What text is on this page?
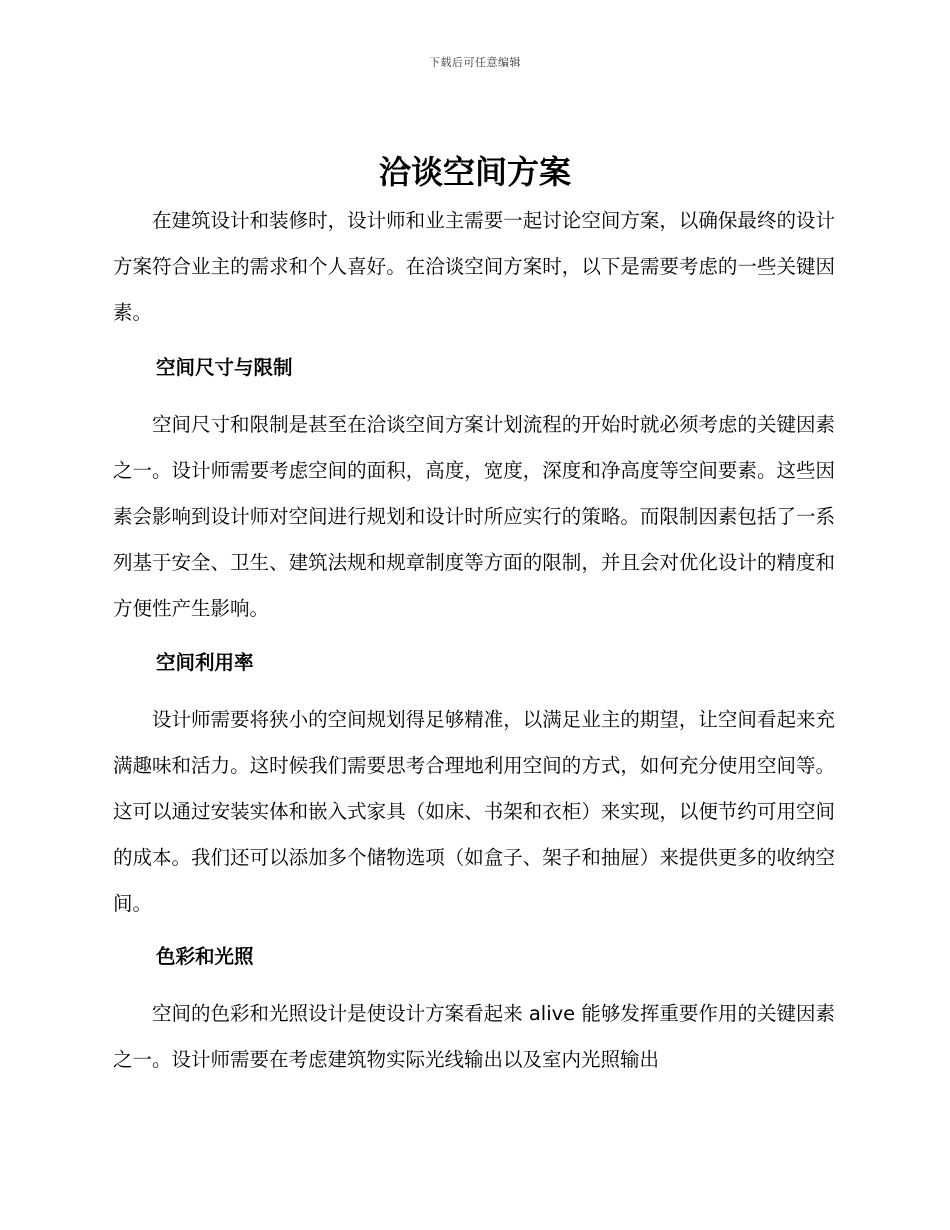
下载后可任意编辑
洽谈空间方案

在建筑设计和装修时，设计师和业主需要一起讨论空间方案，以确保最终的设计方案符合业主的需求和个人喜好。在洽谈空间方案时，以下是需要考虑的一些关键因素。

空间尺寸与限制

空间尺寸和限制是甚至在洽谈空间方案计划流程的开始时就必须考虑的关键因素之一。设计师需要考虑空间的面积，高度，宽度，深度和净高度等空间要素。这些因素会影响到设计师对空间进行规划和设计时所应实行的策略。而限制因素包括了一系列基于安全、卫生、建筑法规和规章制度等方面的限制，并且会对优化设计的精度和方便性产生影响。

空间利用率

设计师需要将狭小的空间规划得足够精准，以满足业主的期望，让空间看起来充满趣味和活力。这时候我们需要思考合理地利用空间的方式，如何充分使用空间等。这可以通过安装实体和嵌入式家具（如床、书架和衣柜）来实现，以便节约可用空间的成本。我们还可以添加多个储物选项（如盒子、架子和抽屉）来提供更多的收纳空间。

色彩和光照

空间的色彩和光照设计是使设计方案看起来 alive 能够发挥重要作用的关键因素之一。设计师需要在考虑建筑物实际光线输出以及室内光照输出
